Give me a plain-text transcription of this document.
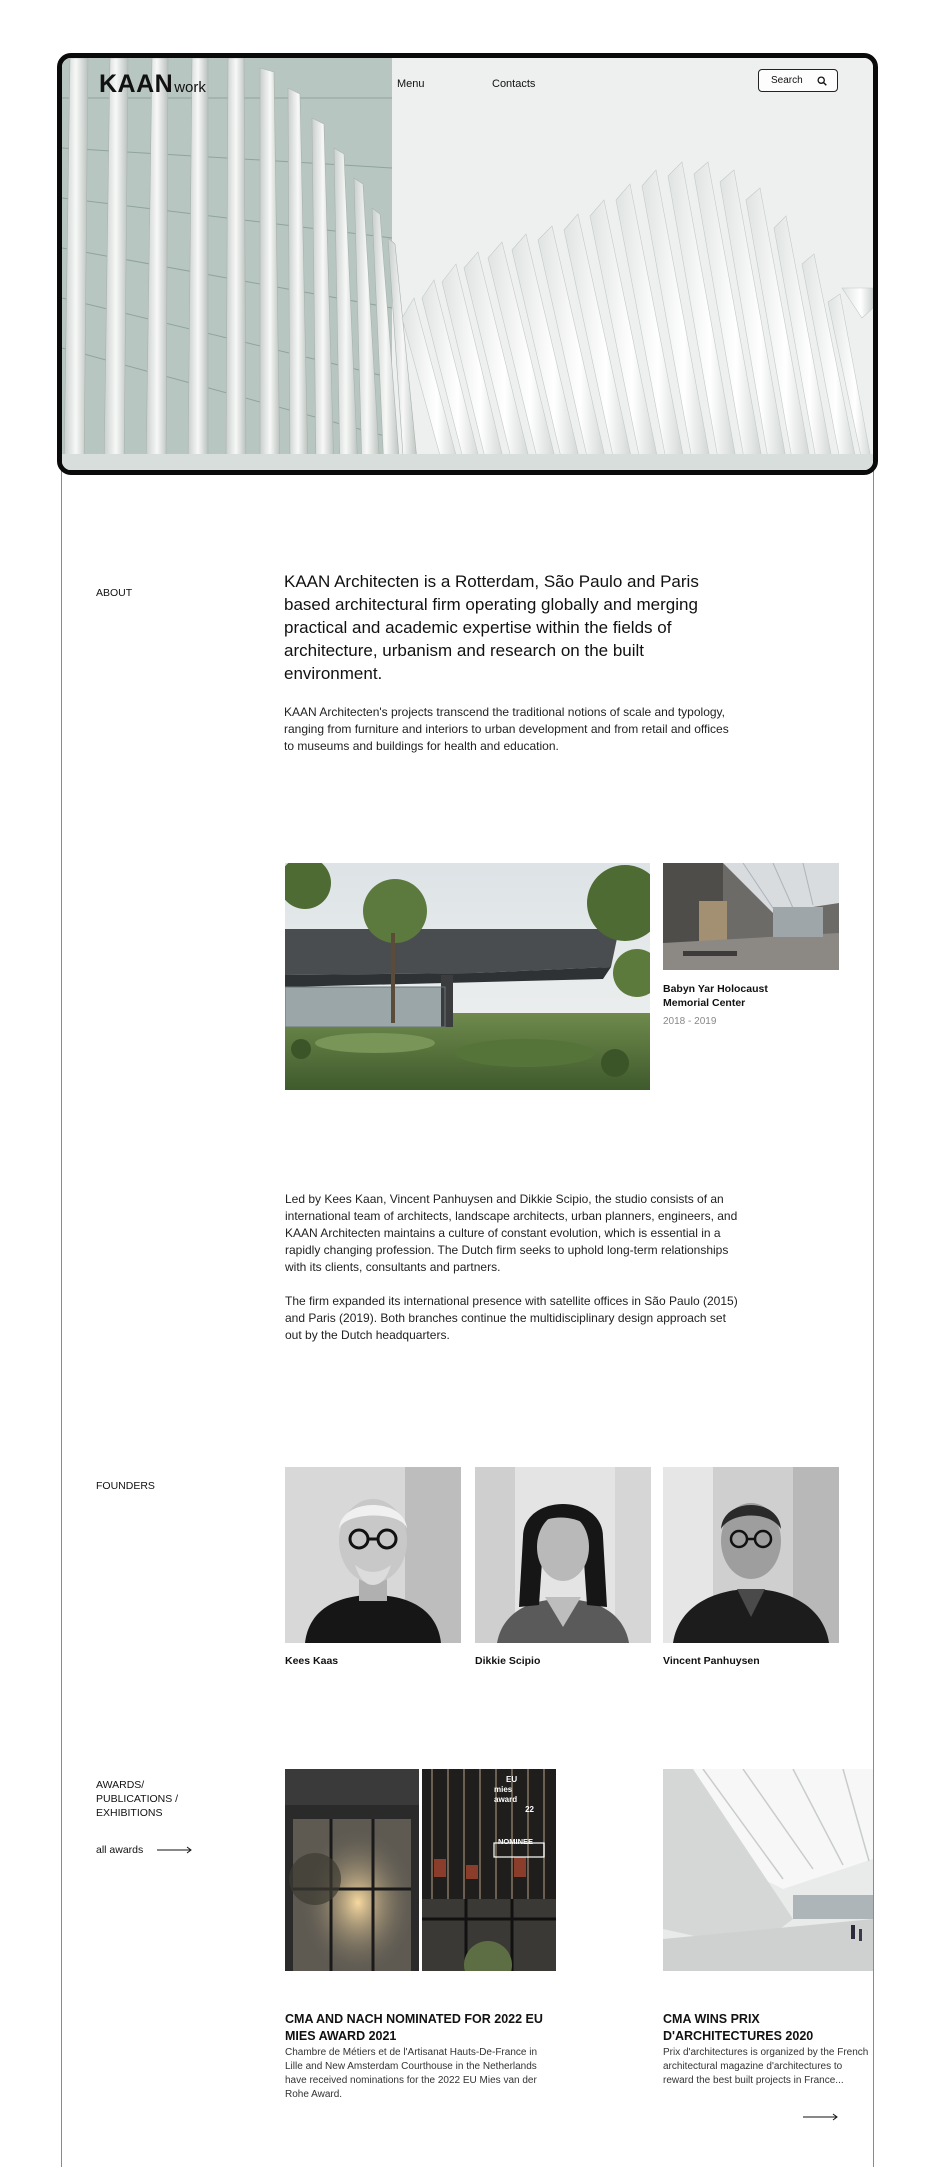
KAANwork	Menu	Contacts	Search
ABOUT
KAAN Architecten is a Rotterdam, São Paulo and Paris based architectural firm operating globally and merging practical and academic expertise within the fields of architecture, urbanism and research on the built environment.
KAAN Architecten's projects transcend the traditional notions of scale and typology, ranging from furniture and interiors to urban development and from retail and offices to museums and buildings for health and education.
Babyn Yar Holocaust Memorial Center
2018 - 2019

Led by Kees Kaan, Vincent Panhuysen and Dikkie Scipio, the studio consists of an international team of architects, landscape architects, urban planners, engineers, and KAAN Architecten maintains a culture of constant evolution, which is essential in a rapidly changing profession. The Dutch firm seeks to uphold long-term relationships with its clients, consultants and partners.

The firm expanded its international presence with satellite offices in São Paulo (2015) and Paris (2019). Both branches continue the multidisciplinary design approach set out by the Dutch headquarters.

FOUNDERS
Kees Kaas	Dikkie Scipio	Vincent Panhuysen
AWARDS/
PUBLICATIONS /
EXHIBITIONS
all awards
EU
mies
award
22
NOMINEE
CMA AND NACH NOMINATED FOR 2022 EU MIES AWARD 2021
Chambre de Métiers et de l'Artisanat Hauts-De-France in Lille and New Amsterdam Courthouse in the Netherlands have received nominations for the 2022 EU Mies van der Rohe Award.
CMA WINS PRIX D'ARCHITECTURES 2020
Prix d'architectures is organized by the French architectural magazine d'architectures to reward the best built projects in France...
